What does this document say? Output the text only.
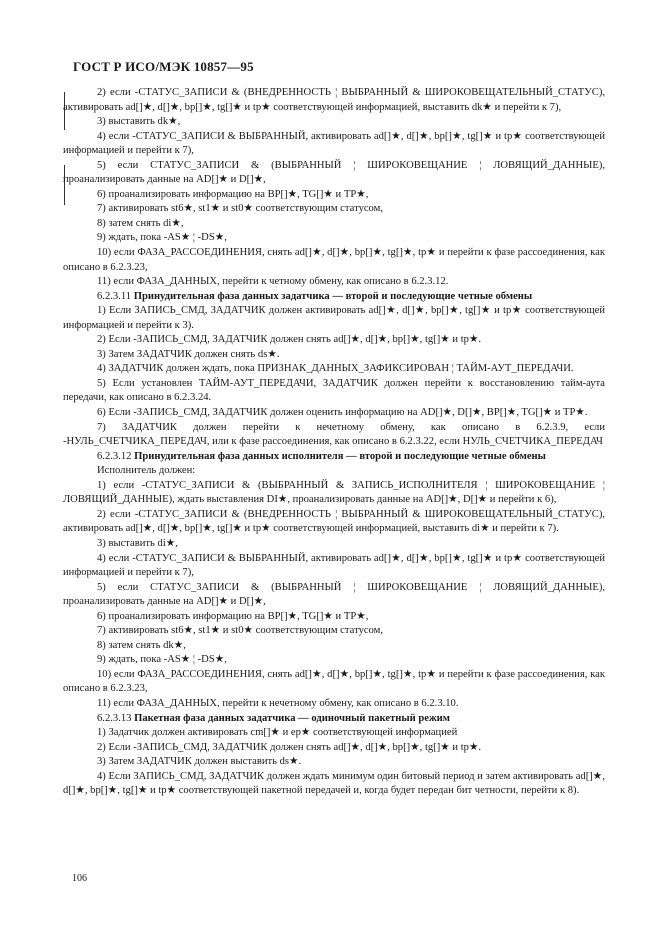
ГОСТ Р ИСО/МЭК 10857—95

2) если -СТАТУС_ЗАПИСИ & (ВНЕДРЕННОСТЬ ¦ ВЫБРАННЫЙ & ШИРОКОВЕЩАТЕЛЬНЫЙ_СТАТУС), активировать ad[]★, d[]★, bp[]★, tg[]★ и tp★ соответствующей информацией, выставить dk★ и перейти к 7),

3) выставить dk★,

4) если -СТАТУС_ЗАПИСИ & ВЫБРАННЫЙ, активировать ad[]★, d[]★, bp[]★, tg[]★ и tp★ соответствующей информацией и перейти к 7),

5) если СТАТУС_ЗАПИСИ & (ВЫБРАННЫЙ ¦ ШИРОКОВЕЩАНИЕ ¦ ЛОВЯЩИЙ_ДАННЫЕ), проанализировать данные на AD[]★ и D[]★,

6) проанализировать информацию на BP[]★, TG[]★ и TP★,

7) активировать st6★, st1★ и st0★ соответствующим статусом,

8) затем снять di★,

9) ждать, пока -AS★ ¦ -DS★,

10) если ФАЗА_РАССОЕДИНЕНИЯ, снять ad[]★, d[]★, bp[]★, tg[]★, tp★ и перейти к фазе рассоединения, как описано в 6.2.3.23,

11) если ФАЗА_ДАННЫХ, перейти к четному обмену, как описано в 6.2.3.12.

6.2.3.11 Принудительная фаза данных задатчика — второй и последующие четные обмены

1) Если ЗАПИСЬ_СМД, ЗАДАТЧИК должен активировать ad[]★, d[]★, bp[]★, tg[]★ и tp★ соответствующей информацией и перейти к 3).

2) Если -ЗАПИСЬ_СМД, ЗАДАТЧИК должен снять ad[]★, d[]★, bp[]★, tg[]★ и tp★.

3) Затем ЗАДАТЧИК должен снять ds★.

4) ЗАДАТЧИК должен ждать, пока ПРИЗНАК_ДАННЫХ_ЗАФИКСИРОВАН ¦ ТАЙМ-АУТ_ПЕРЕДАЧИ.

5) Если установлен ТАЙМ-АУТ_ПЕРЕДАЧИ, ЗАДАТЧИК должен перейти к восстановлению тайм-аута передачи, как описано в 6.2.3.24.

6) Если -ЗАПИСЬ_СМД, ЗАДАТЧИК должен оценить информацию на AD[]★, D[]★, BP[]★, TG[]★ и TP★.

7) ЗАДАТЧИК должен перейти к нечетному обмену, как описано в 6.2.3.9, если -НУЛЬ_СЧЕТЧИКА_ПЕРЕДАЧ, или к фазе рассоединения, как описано в 6.2.3.22, если НУЛЬ_СЧЕТЧИКА_ПЕРЕДАЧ

6.2.3.12 Принудительная фаза данных исполнителя — второй и последующие четные обмены

Исполнитель должен:

1) если -СТАТУС_ЗАПИСИ & (ВЫБРАННЫЙ & ЗАПИСЬ_ИСПОЛНИТЕЛЯ ¦ ШИРОКОВЕЩАНИЕ ¦ ЛОВЯЩИЙ_ДАННЫЕ), ждать выставления DI★, проанализировать данные на AD[]★, D[]★ и перейти к 6),

2) если -СТАТУС_ЗАПИСИ & (ВНЕДРЕННОСТЬ ¦ ВЫБРАННЫЙ & ШИРОКОВЕЩАТЕЛЬНЫЙ_СТАТУС), активировать ad[]★, d[]★, bp[]★, tg[]★ и tp★ соответствующей информацией, выставить di★ и перейти к 7).

3) выставить di★,

4) если -СТАТУС_ЗАПИСИ & ВЫБРАННЫЙ, активировать ad[]★, d[]★, bp[]★, tg[]★ и tp★ соответствующей информацией и перейти к 7),

5) если СТАТУС_ЗАПИСИ & (ВЫБРАННЫЙ ¦ ШИРОКОВЕЩАНИЕ ¦ ЛОВЯЩИЙ_ДАННЫЕ), проанализировать данные на AD[]★ и D[]★,

6) проанализировать информацию на BP[]★, TG[]★ и TP★,

7) активировать st6★, st1★ и st0★ соответствующим статусом,

8) затем снять dk★,

9) ждать, пока -AS★ ¦ -DS★,

10) если ФАЗА_РАССОЕДИНЕНИЯ, снять ad[]★, d[]★, bp[]★, tg[]★, tp★ и перейти к фазе рассоединения, как описано в 6.2.3.23,

11) если ФАЗА_ДАННЫХ, перейти к нечетному обмену, как описано в 6.2.3.10.

6.2.3.13 Пакетная фаза данных задатчика — одиночный пакетный режим

1) Задатчик должен активировать cm[]★ и ep★ соответствующей информацией

2) Если -ЗАПИСЬ_СМД, ЗАДАТЧИК должен снять ad[]★, d[]★, bp[]★, tg[]★ и tp★.

3) Затем ЗАДАТЧИК должен выставить ds★.

4) Если ЗАПИСЬ_СМД, ЗАДАТЧИК должен ждать минимум один битовый период и затем активировать ad[]★, d[]★, bp[]★, tg[]★ и tp★ соответствующей пакетной передачей и, когда будет передан бит четности, перейти к 8).

106
